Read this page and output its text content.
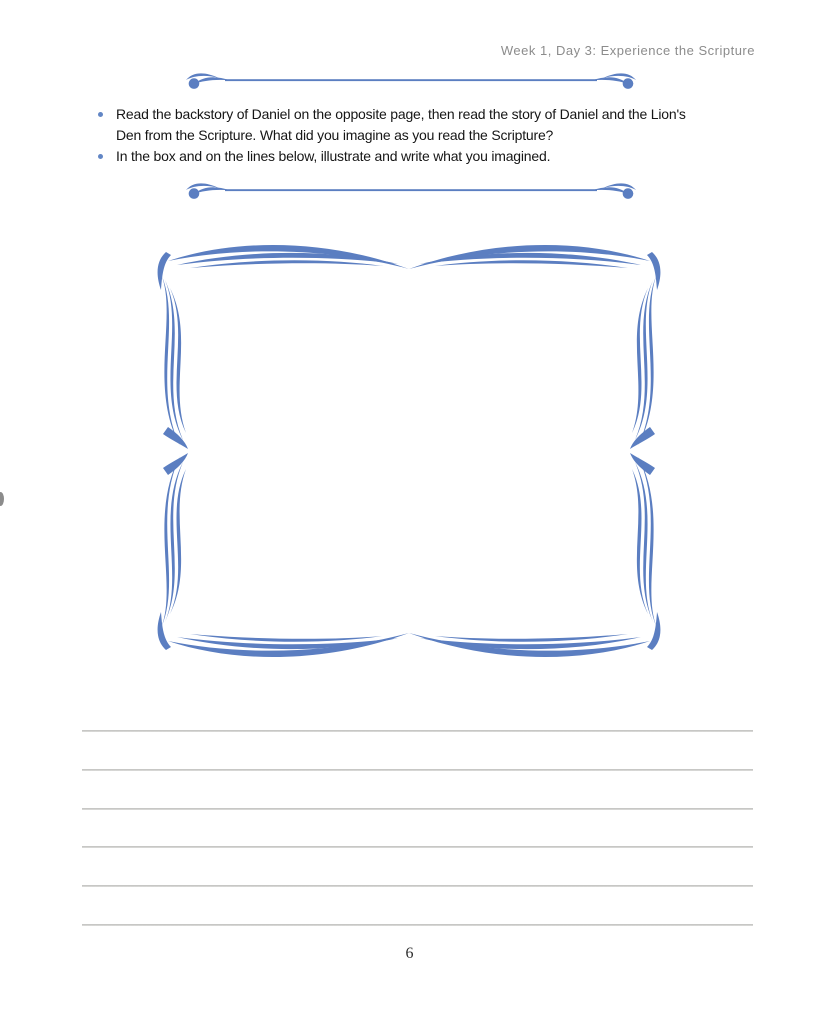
Week 1, Day 3: Experience the Scripture
Read the backstory of Daniel on the opposite page, then read the story of Daniel and the Lion's Den from the Scripture. What did you imagine as you read the Scripture?
In the box and on the lines below, illustrate and write what you imagined.
6
